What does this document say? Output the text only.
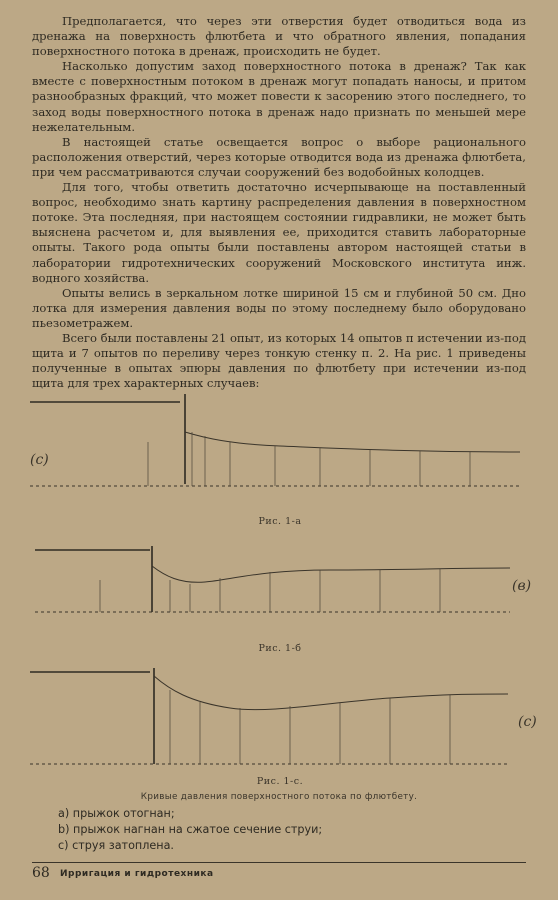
Предполагается, что через эти отверстия будет отводиться вода из дренажа на поверхность флютбета и что обратного явления, попадания поверхностного потока в дренаж, происходить не будет.

Насколько допустим заход поверхностного потока в дренаж? Так как вместе с поверхностным потоком в дренаж могут попадать наносы, и притом разнообразных фракций, что может повести к засорению этого последнего, то заход воды поверхностного потока в дренаж надо признать по меньшей мере нежелательным.

В настоящей статье освещается вопрос о выборе рационального расположения отверстий, через которые отводится вода из дренажа флютбета, при чем рассматриваются случаи сооружений без водобойных колодцев.

Для того, чтобы ответить достаточно исчерпывающе на поставленный вопрос, необходимо знать картину распределения давления в поверхностном потоке. Эта последняя, при настоящем состоянии гидравлики, не может быть выяснена расчетом и, для выявления ее, приходится ставить лабораторные опыты. Такого рода опыты были поставлены автором настоящей статьи в лаборатории гидротехнических сооружений Московского института инж. водного хозяйства.

Опыты велись в зеркальном лотке шириной 15 см и глубиной 50 см. Дно лотка для измерения давления воды по этому последнему было оборудовано пьезометражем.

Всего были поставлены 21 опыт, из которых 14 опытов п истечении из-под щита и 7 опытов по переливу через тонкую стенку п. 2. На рис. 1 приведены полученные в опытах эпюры давления по флютбету при истечении из-под щита для трех характерных случаев:

(с)
Рис. 1-а
(в)
Рис. 1-б
(с)
Рис. 1-с.
Кривые давления поверхностного потока по флютбету.
а) прыжок отогнан;
b) прыжок нагнан на сжатое сечение струи;
с) струя затоплена.
68 Ирригация и гидротехника
